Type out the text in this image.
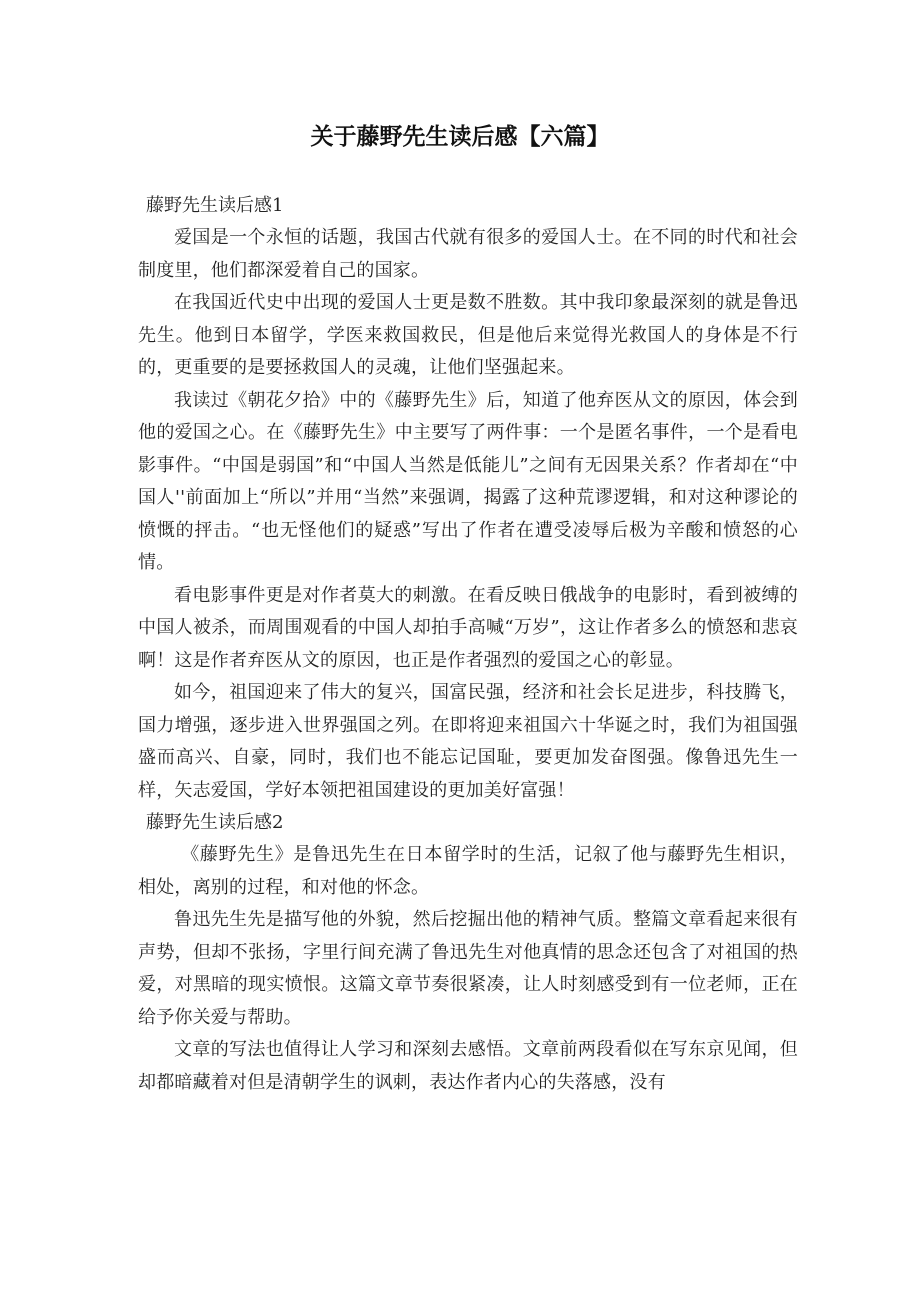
关于藤野先生读后感【六篇】

藤野先生读后感1

爱国是一个永恒的话题，我国古代就有很多的爱国人士。在不同的时代和社会制度里，他们都深爱着自己的国家。

在我国近代史中出现的爱国人士更是数不胜数。其中我印象最深刻的就是鲁迅先生。他到日本留学，学医来救国救民，但是他后来觉得光救国人的身体是不行的，更重要的是要拯救国人的灵魂，让他们坚强起来。

我读过《朝花夕拾》中的《藤野先生》后，知道了他弃医从文的原因，体会到他的爱国之心。在《藤野先生》中主要写了两件事：一个是匿名事件，一个是看电影事件。“中国是弱国”和“中国人当然是低能儿”之间有无因果关系？作者却在“中国人''前面加上“所以”并用“当然”来强调，揭露了这种荒谬逻辑，和对这种谬论的愤慨的抨击。“也无怪他们的疑惑”写出了作者在遭受凌辱后极为辛酸和愤怒的心情。

看电影事件更是对作者莫大的刺激。在看反映日俄战争的电影时，看到被缚的中国人被杀，而周围观看的中国人却拍手高喊“万岁”，这让作者多么的愤怒和悲哀啊！这是作者弃医从文的原因，也正是作者强烈的爱国之心的彰显。

如今，祖国迎来了伟大的复兴，国富民强，经济和社会长足进步，科技腾飞，国力增强，逐步进入世界强国之列。在即将迎来祖国六十华诞之时，我们为祖国强盛而高兴、自豪，同时，我们也不能忘记国耻，要更加发奋图强。像鲁迅先生一样，矢志爱国，学好本领把祖国建设的更加美好富强！

藤野先生读后感2

《藤野先生》是鲁迅先生在日本留学时的生活，记叙了他与藤野先生相识，相处，离别的过程，和对他的怀念。

鲁迅先生先是描写他的外貌，然后挖掘出他的精神气质。整篇文章看起来很有声势，但却不张扬，字里行间充满了鲁迅先生对他真情的思念还包含了对祖国的热爱，对黑暗的现实愤恨。这篇文章节奏很紧凑，让人时刻感受到有一位老师，正在给予你关爱与帮助。

文章的写法也值得让人学习和深刻去感悟。文章前两段看似在写东京见闻，但却都暗藏着对但是清朝学生的讽刺，表达作者内心的失落感，没有
